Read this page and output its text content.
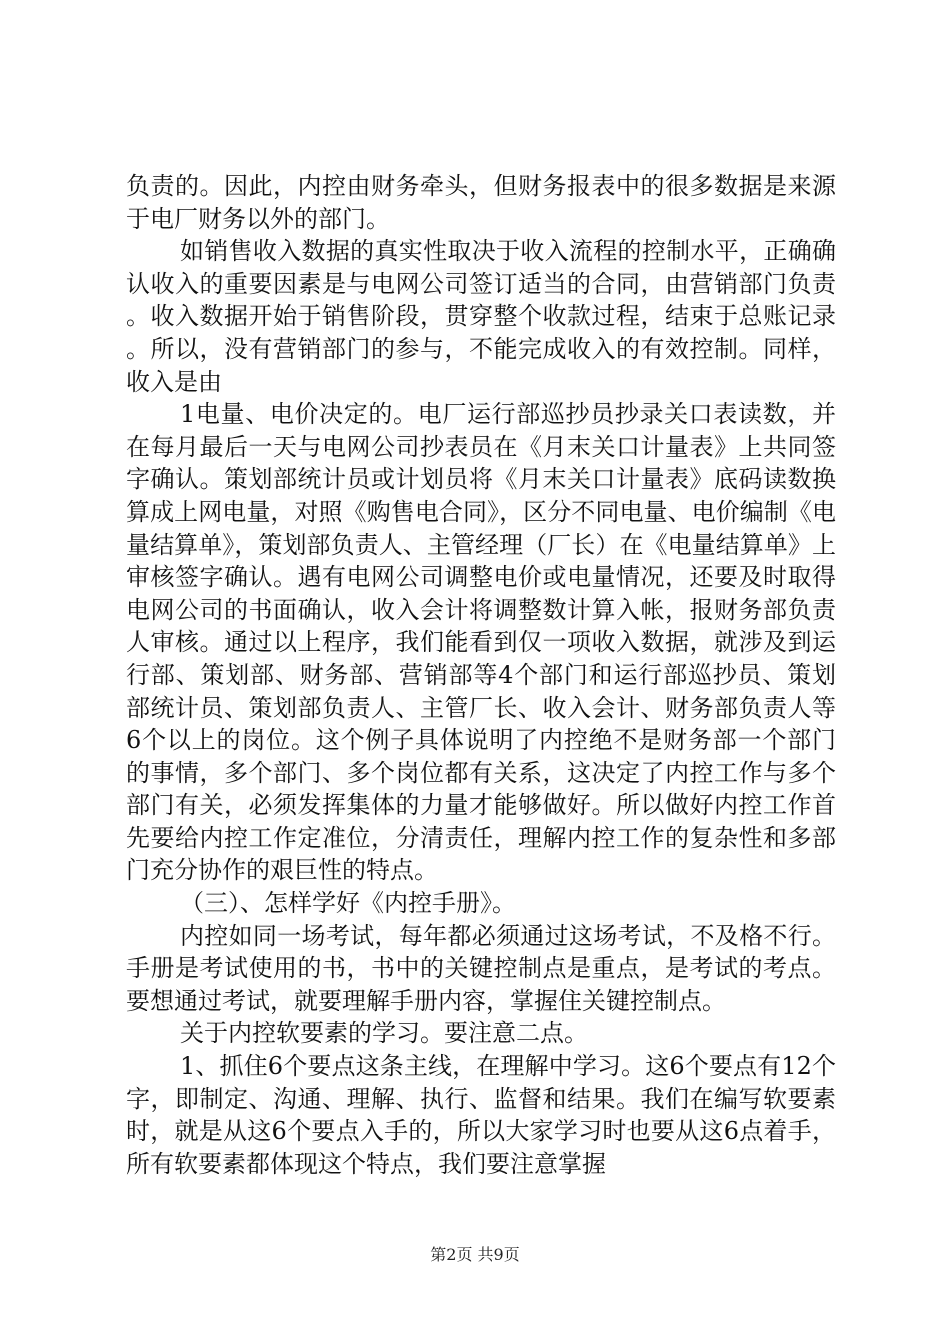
负责的。因此，内控由财务牵头，但财务报表中的很多数据是来源于电厂财务以外的部门。

如销售收入数据的真实性取决于收入流程的控制水平，正确确认收入的重要因素是与电网公司签订适当的合同，由营销部门负责。收入数据开始于销售阶段，贯穿整个收款过程，结束于总账记录。所以，没有营销部门的参与，不能完成收入的有效控制。同样，收入是由

1电量、电价决定的。电厂运行部巡抄员抄录关口表读数，并在每月最后一天与电网公司抄表员在《月末关口计量表》上共同签字确认。策划部统计员或计划员将《月末关口计量表》底码读数换算成上网电量，对照《购售电合同》，区分不同电量、电价编制《电量结算单》，策划部负责人、主管经理（厂长）在《电量结算单》上审核签字确认。遇有电网公司调整电价或电量情况，还要及时取得电网公司的书面确认，收入会计将调整数计算入帐，报财务部负责人审核。通过以上程序，我们能看到仅一项收入数据，就涉及到运行部、策划部、财务部、营销部等4个部门和运行部巡抄员、策划部统计员、策划部负责人、主管厂长、收入会计、财务部负责人等6个以上的岗位。这个例子具体说明了内控绝不是财务部一个部门的事情，多个部门、多个岗位都有关系，这决定了内控工作与多个部门有关，必须发挥集体的力量才能够做好。所以做好内控工作首先要给内控工作定准位，分清责任，理解内控工作的复杂性和多部门充分协作的艰巨性的特点。

（三）、怎样学好《内控手册》。

内控如同一场考试，每年都必须通过这场考试，不及格不行。手册是考试使用的书，书中的关键控制点是重点，是考试的考点。要想通过考试，就要理解手册内容，掌握住关键控制点。

关于内控软要素的学习。要注意二点。

1、抓住6个要点这条主线，在理解中学习。这6个要点有12个字，即制定、沟通、理解、执行、监督和结果。我们在编写软要素时，就是从这6个要点入手的，所以大家学习时也要从这6点着手，所有软要素都体现这个特点，我们要注意掌握

第2页 共9页
